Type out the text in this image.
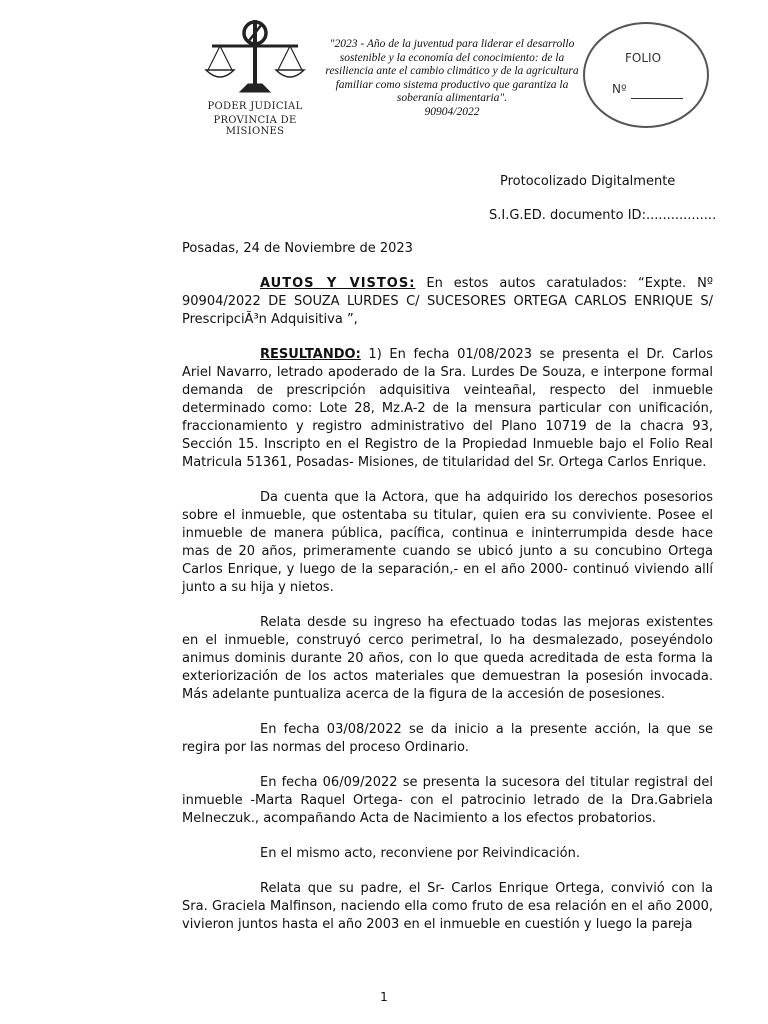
PODER JUDICIAL
PROVINCIA DE MISIONES
"2023 - Año de la juventud para liderar el desarrollo sostenible y la economía del conocimiento: de la resiliencia ante el cambio climático y de la agricultura familiar como sistema productivo que garantiza la soberanía alimentaria".
90904/2022
FOLIO
Nº
Protocolizado Digitalmente
S.I.G.ED. documento ID:.................

Posadas, 24 de Noviembre de 2023

AUTOS Y VISTOS: En estos autos caratulados: “Expte. Nº 90904/2022 DE SOUZA LURDES C/ SUCESORES ORTEGA CARLOS ENRIQUE S/ PrescripciÃ³n Adquisitiva ”,

RESULTANDO: 1) En fecha 01/08/2023 se presenta el Dr. Carlos Ariel Navarro, letrado apoderado de la Sra. Lurdes De Souza, e interpone formal demanda de prescripción adquisitiva veinteañal, respecto del inmueble determinado como: Lote 28, Mz.A-2 de la mensura particular con unificación, fraccionamiento y registro administrativo del Plano 10719 de la chacra 93, Sección 15. Inscripto en el Registro de la Propiedad Inmueble bajo el Folio Real Matricula 51361, Posadas- Misiones, de titularidad del Sr. Ortega Carlos Enrique.

Da cuenta que la Actora, que ha adquirido los derechos posesorios sobre el inmueble, que ostentaba su titular, quien era su conviviente. Posee el inmueble de manera pública, pacífica, continua e ininterrumpida desde hace mas de 20 años, primeramente cuando se ubicó junto a su concubino Ortega Carlos Enrique, y luego de la separación,- en el año 2000- continuó viviendo allí junto a su hija y nietos.

Relata desde su ingreso ha efectuado todas las mejoras existentes en el inmueble, construyó cerco perimetral, lo ha desmalezado, poseyéndolo animus dominis durante 20 años, con lo que queda acreditada de esta forma la exteriorización de los actos materiales que demuestran la posesión invocada. Más adelante puntualiza acerca de la figura de la accesión de posesiones.

En fecha 03/08/2022 se da inicio a la presente acción, la que se regira por las normas del proceso Ordinario.

En fecha 06/09/2022 se presenta la sucesora del titular registral del inmueble -Marta Raquel Ortega- con el patrocinio letrado de la Dra.Gabriela Melneczuk., acompañando Acta de Nacimiento a los efectos probatorios.

En el mismo acto, reconviene por Reivindicación.

Relata que su padre, el Sr- Carlos Enrique Ortega, convivió con la Sra. Graciela Malfinson, naciendo ella como fruto de esa relación en el año 2000, vivieron juntos hasta el año 2003 en el inmueble en cuestión y luego la pareja

1
